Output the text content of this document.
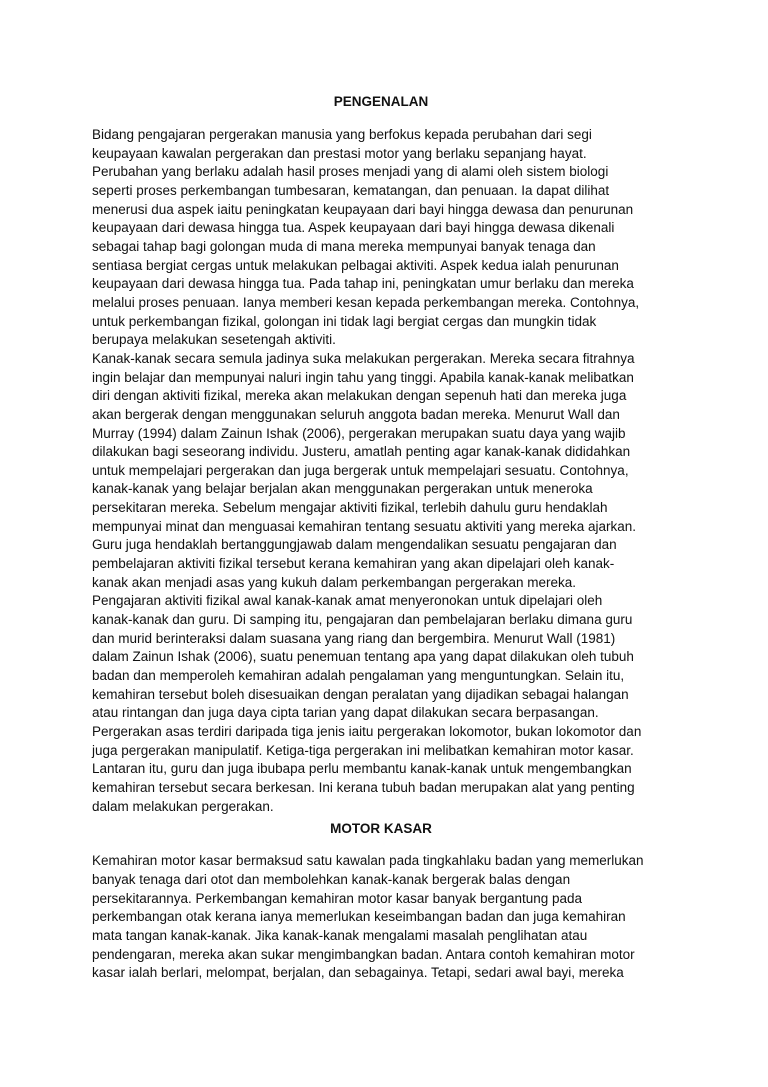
PENGENALAN
Bidang pengajaran pergerakan manusia yang berfokus kepada perubahan dari segi
keupayaan kawalan pergerakan dan prestasi motor yang berlaku sepanjang hayat.
Perubahan yang berlaku adalah hasil proses menjadi yang di alami oleh sistem biologi
seperti proses perkembangan tumbesaran, kematangan, dan penuaan. Ia dapat dilihat
menerusi dua aspek iaitu peningkatan keupayaan dari bayi hingga dewasa dan penurunan
keupayaan dari dewasa hingga tua. Aspek keupayaan dari bayi hingga dewasa dikenali
sebagai tahap bagi golongan muda di mana mereka mempunyai banyak tenaga dan
sentiasa bergiat cergas untuk melakukan pelbagai aktiviti. Aspek kedua ialah penurunan
keupayaan dari dewasa hingga tua. Pada tahap ini, peningkatan umur berlaku dan mereka
melalui proses penuaan. Ianya memberi kesan kepada perkembangan mereka. Contohnya,
untuk perkembangan fizikal, golongan ini tidak lagi bergiat cergas dan mungkin tidak
berupaya melakukan sesetengah aktiviti.
Kanak-kanak secara semula jadinya suka melakukan pergerakan. Mereka secara fitrahnya
ingin belajar dan mempunyai naluri ingin tahu yang tinggi. Apabila kanak-kanak melibatkan
diri dengan aktiviti fizikal, mereka akan melakukan dengan sepenuh hati dan mereka juga
akan bergerak dengan menggunakan seluruh anggota badan mereka. Menurut Wall dan
Murray (1994) dalam Zainun Ishak (2006), pergerakan merupakan suatu daya yang wajib
dilakukan bagi seseorang individu. Justeru, amatlah penting agar kanak-kanak dididahkan
untuk mempelajari pergerakan dan juga bergerak untuk mempelajari sesuatu. Contohnya,
kanak-kanak yang belajar berjalan akan menggunakan pergerakan untuk meneroka
persekitaran mereka. Sebelum mengajar aktiviti fizikal, terlebih dahulu guru hendaklah
mempunyai minat dan menguasai kemahiran tentang sesuatu aktiviti yang mereka ajarkan.
Guru juga hendaklah bertanggungjawab dalam mengendalikan sesuatu pengajaran dan
pembelajaran aktiviti fizikal tersebut kerana kemahiran yang akan dipelajari oleh kanak-
kanak akan menjadi asas yang kukuh dalam perkembangan pergerakan mereka.
Pengajaran aktiviti fizikal awal kanak-kanak amat menyeronokan untuk dipelajari oleh
kanak-kanak dan guru. Di samping itu, pengajaran dan pembelajaran berlaku dimana guru
dan murid berinteraksi dalam suasana yang riang dan bergembira. Menurut Wall (1981)
dalam Zainun Ishak (2006), suatu penemuan tentang apa yang dapat dilakukan oleh tubuh
badan dan memperoleh kemahiran adalah pengalaman yang menguntungkan. Selain itu,
kemahiran tersebut boleh disesuaikan dengan peralatan yang dijadikan sebagai halangan
atau rintangan dan juga daya cipta tarian yang dapat dilakukan secara berpasangan.
Pergerakan asas terdiri daripada tiga jenis iaitu pergerakan lokomotor, bukan lokomotor dan
juga pergerakan manipulatif. Ketiga-tiga pergerakan ini melibatkan kemahiran motor kasar.
Lantaran itu, guru dan juga ibubapa perlu membantu kanak-kanak untuk mengembangkan
kemahiran tersebut secara berkesan. Ini kerana tubuh badan merupakan alat yang penting
dalam melakukan pergerakan.
MOTOR KASAR
Kemahiran motor kasar bermaksud satu kawalan pada tingkahlaku badan yang memerlukan
banyak tenaga dari otot dan membolehkan kanak-kanak bergerak balas dengan
persekitarannya. Perkembangan kemahiran motor kasar banyak bergantung pada
perkembangan otak kerana ianya memerlukan keseimbangan badan dan juga kemahiran
mata tangan kanak-kanak. Jika kanak-kanak mengalami masalah penglihatan atau
pendengaran, mereka akan sukar mengimbangkan badan. Antara contoh kemahiran motor
kasar ialah berlari, melompat, berjalan, dan sebagainya. Tetapi, sedari awal bayi, mereka
